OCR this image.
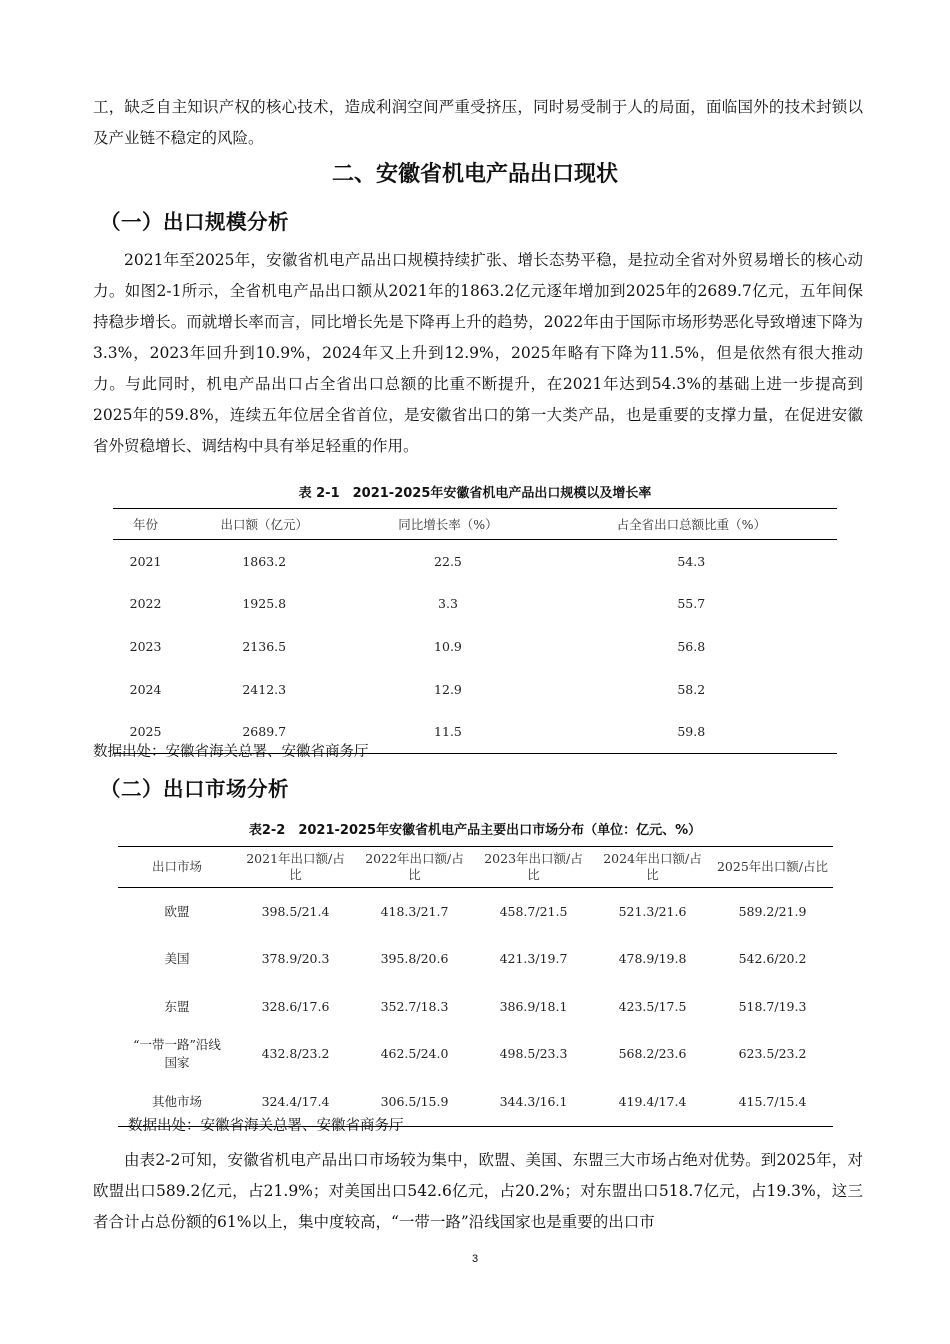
工，缺乏自主知识产权的核心技术，造成利润空间严重受挤压，同时易受制于人的局面，面临国外的技术封锁以及产业链不稳定的风险。

二、安徽省机电产品出口现状
（一）出口规模分析

2021年至2025年，安徽省机电产品出口规模持续扩张、增长态势平稳，是拉动全省对外贸易增长的核心动力。如图2-1所示，全省机电产品出口额从2021年的1863.2亿元逐年增加到2025年的2689.7亿元，五年间保持稳步增长。而就增长率而言，同比增长先是下降再上升的趋势，2022年由于国际市场形势恶化导致增速下降为3.3%，2023年回升到10.9%，2024年又上升到12.9%，2025年略有下降为11.5%，但是依然有很大推动力。与此同时，机电产品出口占全省出口总额的比重不断提升，在2021年达到54.3%的基础上进一步提高到2025年的59.8%，连续五年位居全省首位，是安徽省出口的第一大类产品，也是重要的支撑力量，在促进安徽省外贸稳增长、调结构中具有举足轻重的作用。

表 2-1　2021-2025年安徽省机电产品出口规模以及增长率

年份	出口额（亿元）	同比增长率（%）	占全省出口总额比重（%）
2021	1863.2	22.5	54.3
2022	1925.8	3.3	55.7
2023	2136.5	10.9	56.8
2024	2412.3	12.9	58.2
2025	2689.7	11.5	59.8

数据出处：安徽省海关总署、安徽省商务厅

（二）出口市场分析

表2-2　2021-2025年安徽省机电产品主要出口市场分布（单位：亿元、%）

出口市场	2021年出口额/占比	2022年出口额/占比	2023年出口额/占比	2024年出口额/占比	2025年出口额/占比
欧盟	398.5/21.4	418.3/21.7	458.7/21.5	521.3/21.6	589.2/21.9
美国	378.9/20.3	395.8/20.6	421.3/19.7	478.9/19.8	542.6/20.2
东盟	328.6/17.6	352.7/18.3	386.9/18.1	423.5/17.5	518.7/19.3
“一带一路”沿线国家	432.8/23.2	462.5/24.0	498.5/23.3	568.2/23.6	623.5/23.2
其他市场	324.4/17.4	306.5/15.9	344.3/16.1	419.4/17.4	415.7/15.4

数据出处：安徽省海关总署、安徽省商务厅

由表2-2可知，安徽省机电产品出口市场较为集中，欧盟、美国、东盟三大市场占绝对优势。到2025年，对欧盟出口589.2亿元，占21.9%；对美国出口542.6亿元，占20.2%；对东盟出口518.7亿元，占19.3%，这三者合计占总份额的61%以上，集中度较高，“一带一路”沿线国家也是重要的出口市

3
